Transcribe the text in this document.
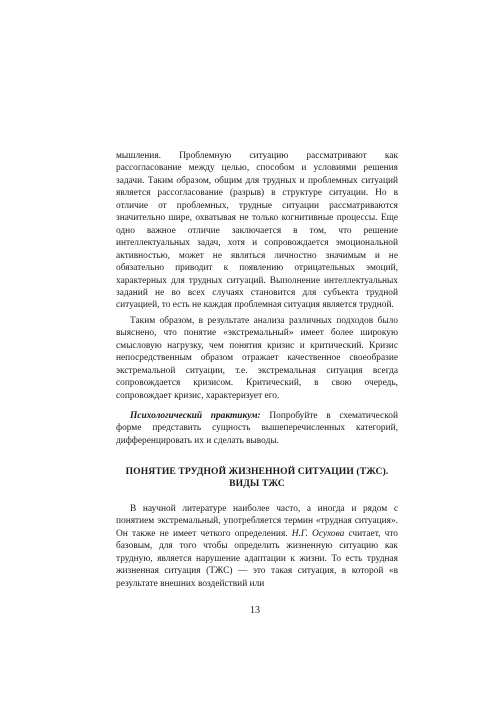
мышления. Проблемную ситуацию рассматривают как рассогласование между целью, способом и условиями решения задачи. Таким образом, общим для трудных и проблемных ситуаций является рассогласование (разрыв) в структуре ситуации. Но в отличие от проблемных, трудные ситуации рассматриваются значительно шире, охватывая не только когнитивные процессы. Еще одно важное отличие заключается в том, что решение интеллектуальных задач, хотя и сопровождается эмоциональной активностью, может не являться личностно значимым и не обязательно приводит к появлению отрицательных эмоций, характерных для трудных ситуаций. Выполнение интеллектуальных заданий не во всех случаях становится для субъекта трудной ситуацией, то есть не каждая проблемная ситуация является трудной.

Таким образом, в результате анализа различных подходов было выяснено, что понятие «экстремальный» имеет более широкую смысловую нагрузку, чем понятия кризис и критический. Кризис непосредственным образом отражает качественное своеобразие экстремальной ситуации, т.е. экстремальная ситуация всегда сопровождается кризисом. Критический, в свою очередь, сопровождает кризис, характеризует его.

Психологический практикум: Попробуйте в схематической форме представить сущность вышеперечисленных категорий, дифференцировать их и сделать выводы.

ПОНЯТИЕ ТРУДНОЙ ЖИЗНЕННОЙ СИТУАЦИИ (ТЖС).
ВИДЫ ТЖС

В научной литературе наиболее часто, а иногда и рядом с понятием экстремальный, употребляется термин «трудная ситуация». Он также не имеет четкого определения. Н.Г. Осухова считает, что базовым, для того чтобы определить жизненную ситуацию как трудную, является нарушение адаптации к жизни. То есть трудная жизненная ситуация (ТЖС) — это такая ситуация, в которой «в результате внешних воздействий или

13
